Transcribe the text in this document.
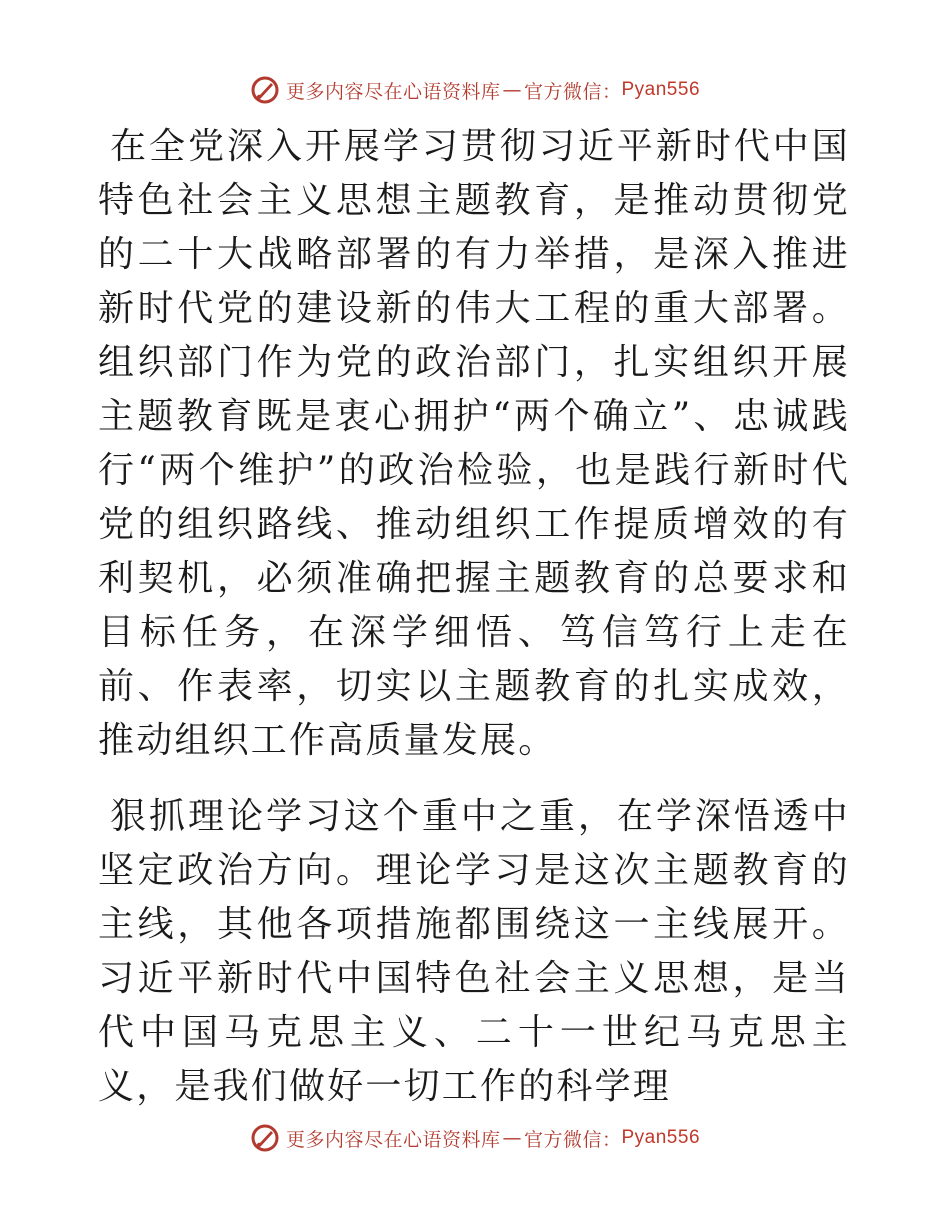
更多内容尽在心语资料库 — 官方微信： Pyan556

在全党深入开展学习贯彻习近平新时代中国特色社会主义思想主题教育，是推动贯彻党的二十大战略部署的有力举措，是深入推进新时代党的建设新的伟大工程的重大部署。组织部门作为党的政治部门，扎实组织开展主题教育既是衷心拥护“两个确立”、忠诚践行“两个维护”的政治检验，也是践行新时代党的组织路线、推动组织工作提质增效的有利契机，必须准确把握主题教育的总要求和目标任务，在深学细悟、笃信笃行上走在前、作表率，切实以主题教育的扎实成效，推动组织工作高质量发展。

狠抓理论学习这个重中之重，在学深悟透中坚定政治方向。理论学习是这次主题教育的主线，其他各项措施都围绕这一主线展开。习近平新时代中国特色社会主义思想，是当代中国马克思主义、二十一世纪马克思主义，是我们做好一切工作的科学理

更多内容尽在心语资料库 — 官方微信： Pyan556
